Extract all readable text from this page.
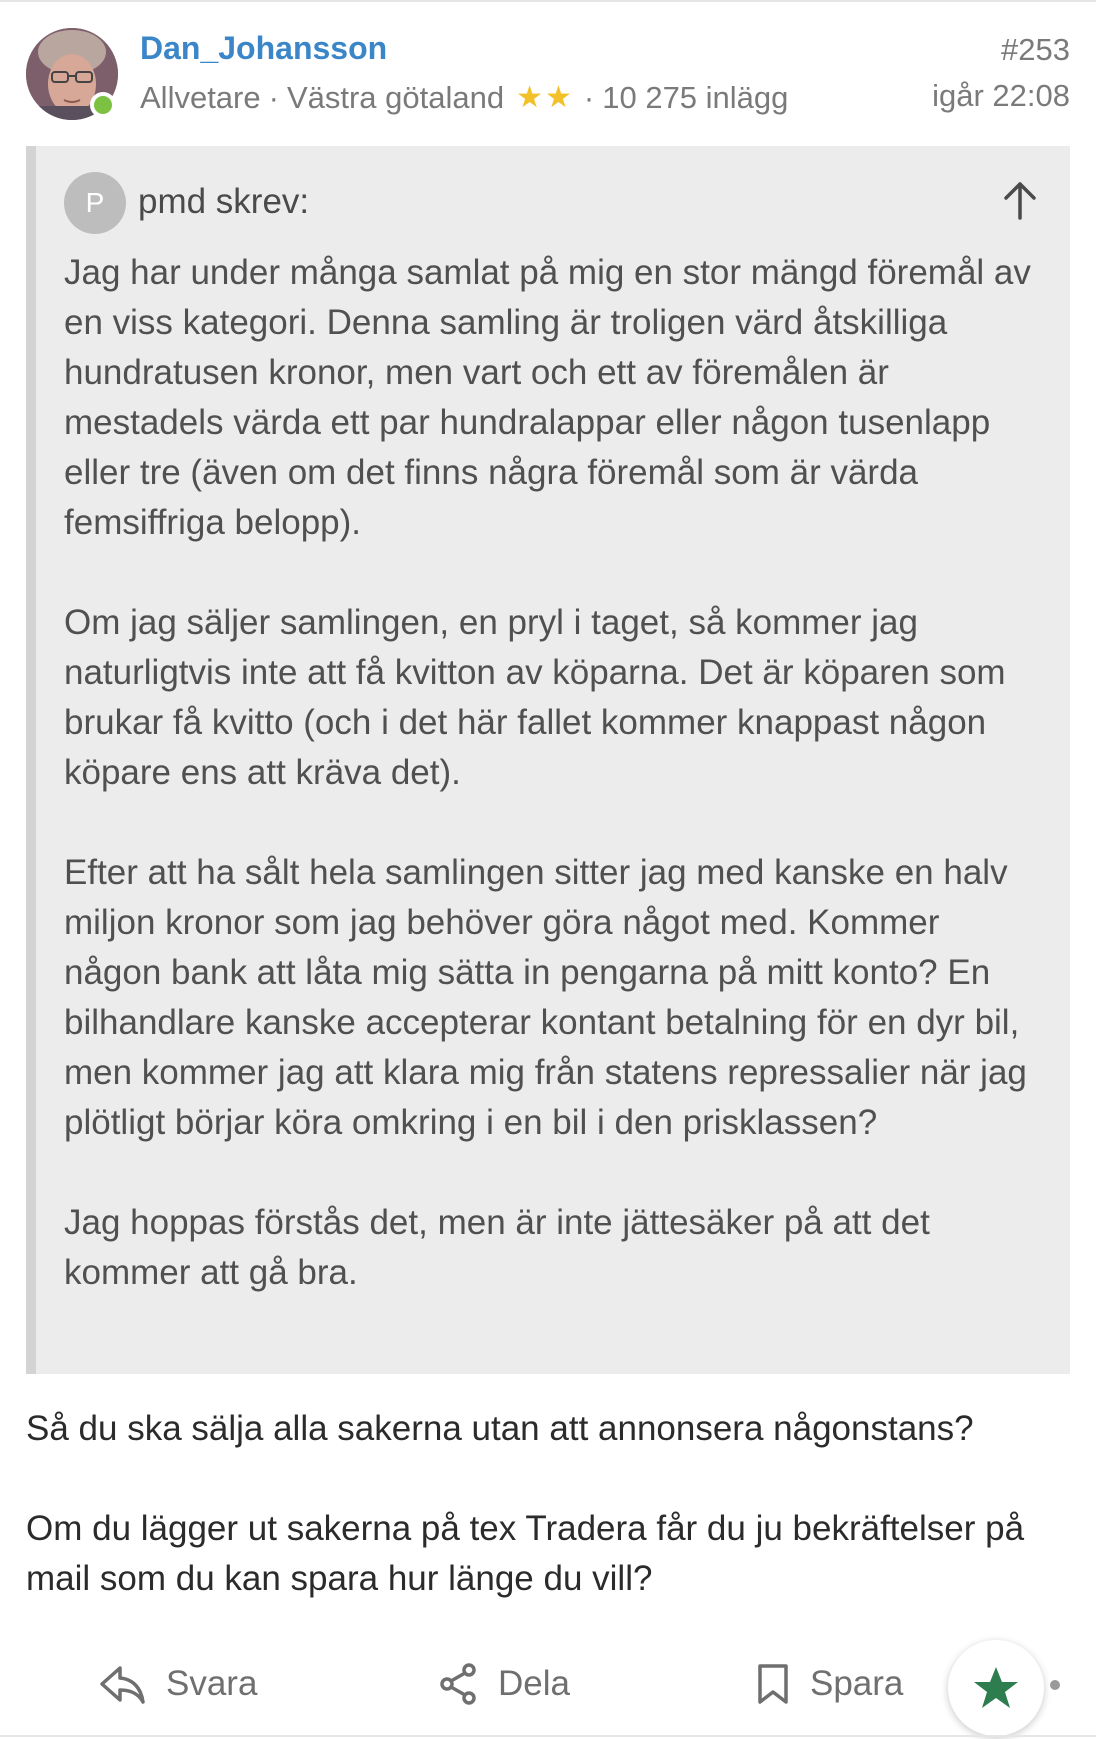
Dan_Johansson
Allvetare · Västra götaland ★ ★ · 10 275 inlägg
#253
igår 22:08
P pmd skrev:

Jag har under många samlat på mig en stor mängd föremål av en viss kategori. Denna samling är troligen värd åtskilliga hundratusen kronor, men vart och ett av föremålen är mestadels värda ett par hundralappar eller någon tusenlapp eller tre (även om det finns några föremål som är värda femsiffriga belopp).

Om jag säljer samlingen, en pryl i taget, så kommer jag naturligtvis inte att få kvitton av köparna. Det är köparen som brukar få kvitto (och i det här fallet kommer knappast någon köpare ens att kräva det).

Efter att ha sålt hela samlingen sitter jag med kanske en halv miljon kronor som jag behöver göra något med. Kommer någon bank att låta mig sätta in pengarna på mitt konto? En bilhandlare kanske accepterar kontant betalning för en dyr bil, men kommer jag att klara mig från statens repressalier när jag plötligt börjar köra omkring i en bil i den prisklassen?

Jag hoppas förstås det, men är inte jättesäker på att det kommer att gå bra.

Så du ska sälja alla sakerna utan att annonsera någonstans?

Om du lägger ut sakerna på tex Tradera får du ju bekräftelser på mail som du kan spara hur länge du vill?

Svara	Dela	Spara
